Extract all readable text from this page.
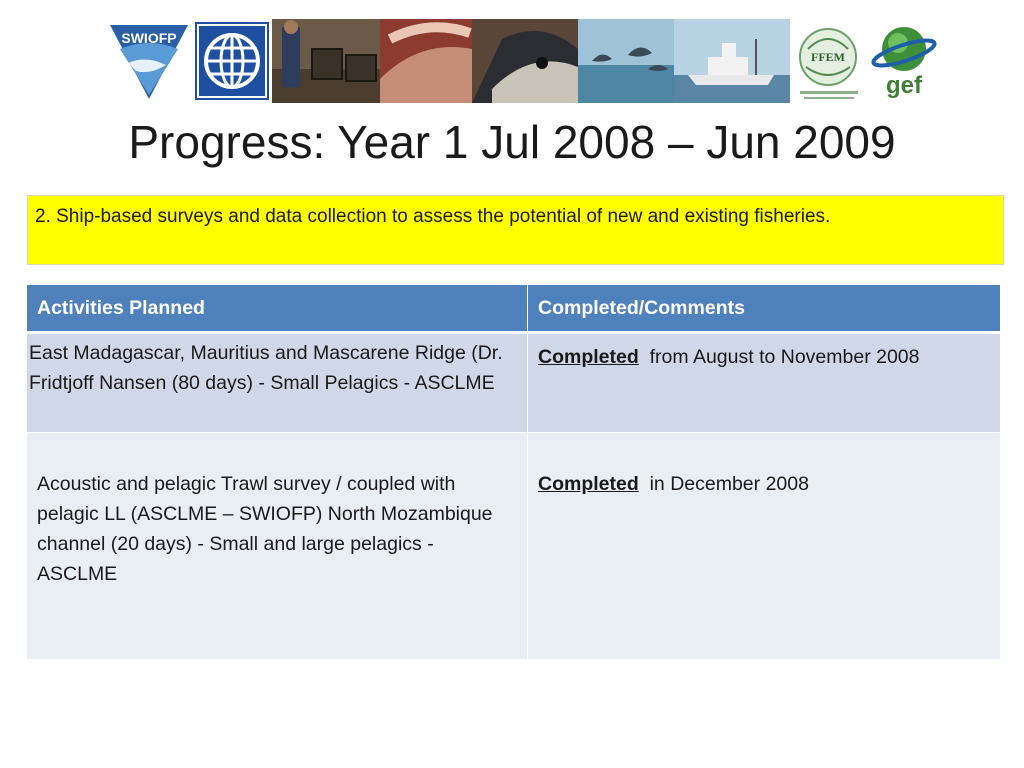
SWIOFP
FFEM
gef
Progress: Year 1 Jul 2008 – Jun 2009
2. Ship-based surveys and data collection to assess the potential of new and existing fisheries.
Activities Planned	Completed/Comments
East Madagascar, Mauritius and Mascarene Ridge (Dr. Fridtjoff Nansen (80 days) - Small Pelagics - ASCLME	Completed  from August to November 2008
Acoustic and pelagic Trawl survey / coupled with pelagic LL (ASCLME – SWIOFP) North Mozambique channel (20 days) - Small and large pelagics - ASCLME	Completed  in December 2008
